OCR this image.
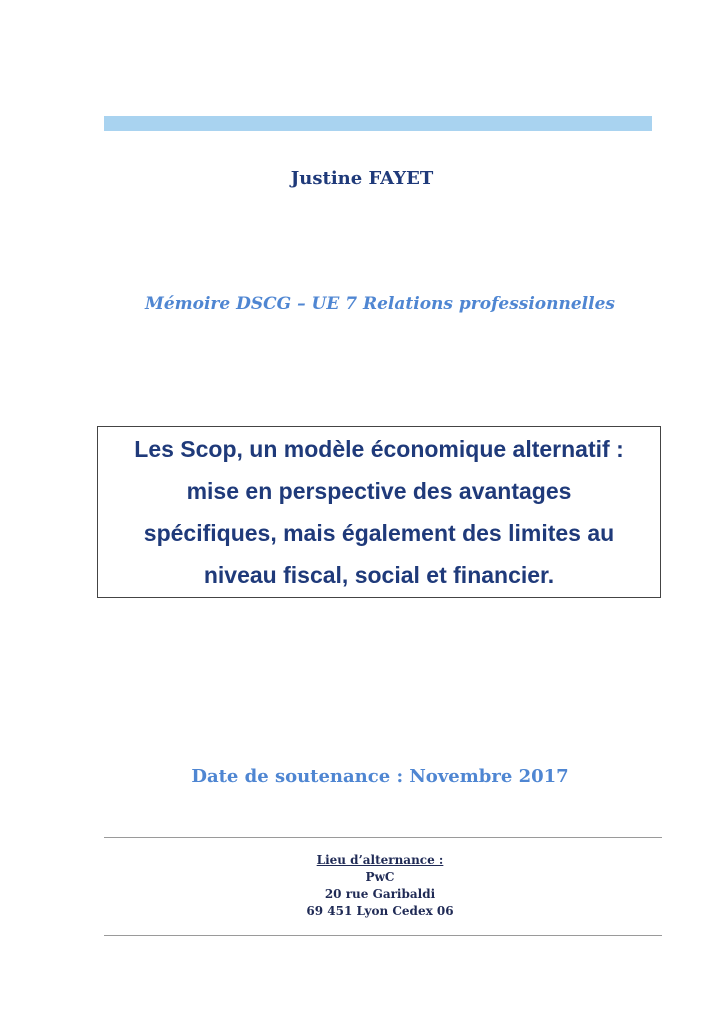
Justine FAYET
Mémoire DSCG – UE 7 Relations professionnelles
Les Scop, un modèle économique alternatif :
mise en perspective des avantages
spécifiques, mais également des limites au
niveau fiscal, social et financier.
Date de soutenance : Novembre 2017
Lieu d’alternance :
PwC
20 rue Garibaldi
69 451 Lyon Cedex 06
